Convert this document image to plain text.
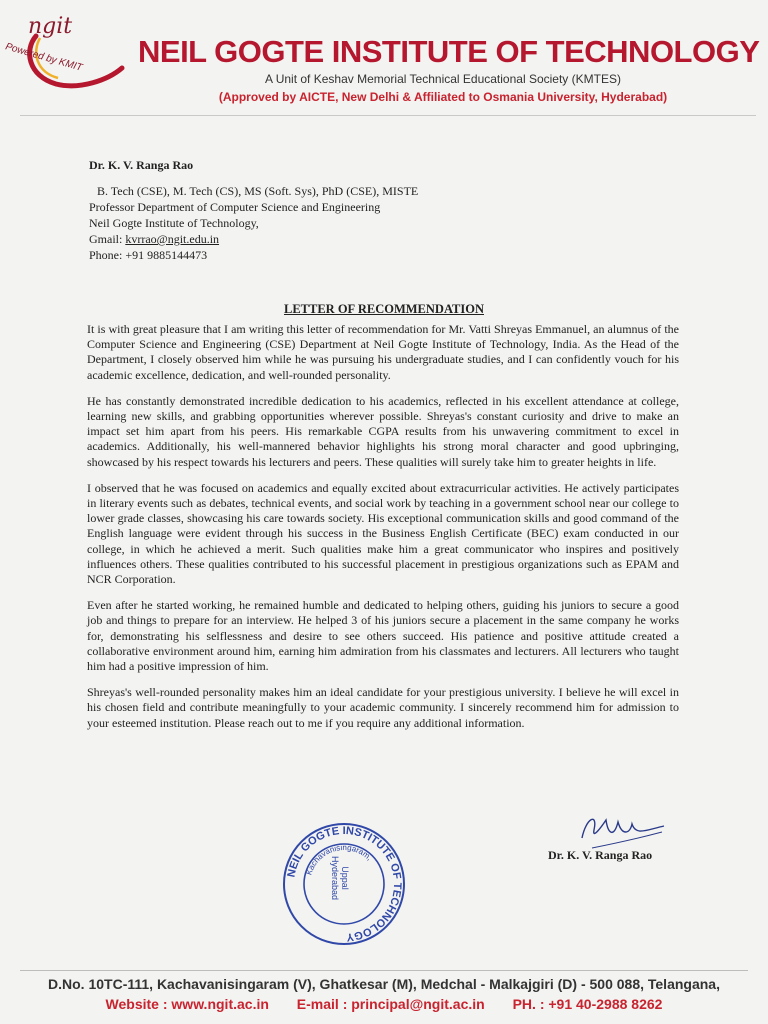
ngit
Powered by KMIT NEIL GOGTE INSTITUTE OF TECHNOLOGY
A Unit of Keshav Memorial Technical Educational Society (KMTES)
(Approved by AICTE, New Delhi & Affiliated to Osmania University, Hyderabad)
Dr. K. V. Ranga Rao
B. Tech (CSE), M. Tech (CS), MS (Soft. Sys), PhD (CSE), MISTE
Professor Department of Computer Science and Engineering
Neil Gogte Institute of Technology,
Gmail: kvrrao@ngit.edu.in
Phone: +91 9885144473
LETTER OF RECOMMENDATION

It is with great pleasure that I am writing this letter of recommendation for Mr. Vatti Shreyas Emmanuel, an alumnus of the Computer Science and Engineering (CSE) Department at Neil Gogte Institute of Technology, India. As the Head of the Department, I closely observed him while he was pursuing his undergraduate studies, and I can confidently vouch for his academic excellence, dedication, and well-rounded personality.

He has constantly demonstrated incredible dedication to his academics, reflected in his excellent attendance at college, learning new skills, and grabbing opportunities wherever possible. Shreyas's constant curiosity and drive to make an impact set him apart from his peers. His remarkable CGPA results from his unwavering commitment to excel in academics. Additionally, his well-mannered behavior highlights his strong moral character and good upbringing, showcased by his respect towards his lecturers and peers. These qualities will surely take him to greater heights in life.

I observed that he was focused on academics and equally excited about extracurricular activities. He actively participates in literary events such as debates, technical events, and social work by teaching in a government school near our college to lower grade classes, showcasing his care towards society. His exceptional communication skills and good command of the English language were evident through his success in the Business English Certificate (BEC) exam conducted in our college, in which he achieved a merit. Such qualities make him a great communicator who inspires and positively influences others. These qualities contributed to his successful placement in prestigious organizations such as EPAM and NCR Corporation.

Even after he started working, he remained humble and dedicated to helping others, guiding his juniors to secure a good job and things to prepare for an interview. He helped 3 of his juniors secure a placement in the same company he works for, demonstrating his selflessness and desire to see others succeed. His patience and positive attitude created a collaborative environment around him, earning him admiration from his classmates and lecturers. All lecturers who taught him had a positive impression of him.

Shreyas's well-rounded personality makes him an ideal candidate for your prestigious university. I believe he will excel in his chosen field and contribute meaningfully to your academic community. I sincerely recommend him for admission to your esteemed institution. Please reach out to me if you require any additional information.

Dr. K. V. Ranga Rao
NEIL GOGTE INSTITUTE OF TECHNOLOGY
Kachavanisingaram,
Uppal Hyderabad
D.No. 10TC-111, Kachavanisingaram (V), Ghatkesar (M), Medchal - Malkajgiri (D) - 500 088, Telangana,
Website : www.ngit.ac.in E-mail : principal@ngit.ac.in PH. : +91 40-2988 8262
